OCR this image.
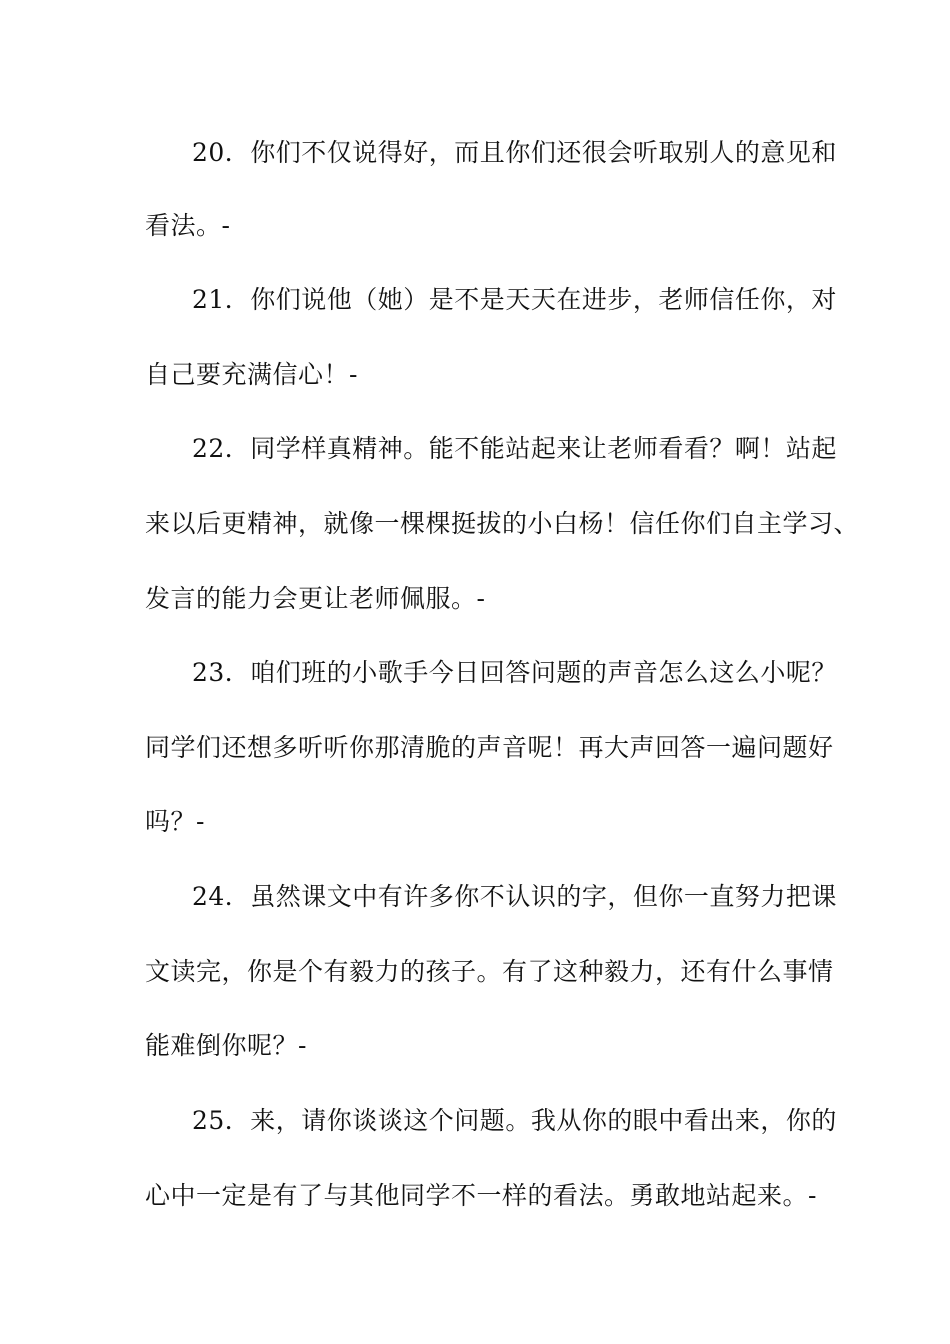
20．你们不仅说得好，而且你们还很会听取别人的意见和
看法。-
21．你们说他（她）是不是天天在进步，老师信任你，对
自己要充满信心！-
22．同学样真精神。能不能站起来让老师看看？啊！站起
来以后更精神，就像一棵棵挺拔的小白杨！信任你们自主学习、
发言的能力会更让老师佩服。-
23．咱们班的小歌手今日回答问题的声音怎么这么小呢？
同学们还想多听听你那清脆的声音呢！再大声回答一遍问题好
吗？-
24．虽然课文中有许多你不认识的字，但你一直努力把课
文读完，你是个有毅力的孩子。有了这种毅力，还有什么事情
能难倒你呢？-
25．来，请你谈谈这个问题。我从你的眼中看出来，你的
心中一定是有了与其他同学不一样的看法。勇敢地站起来。-
